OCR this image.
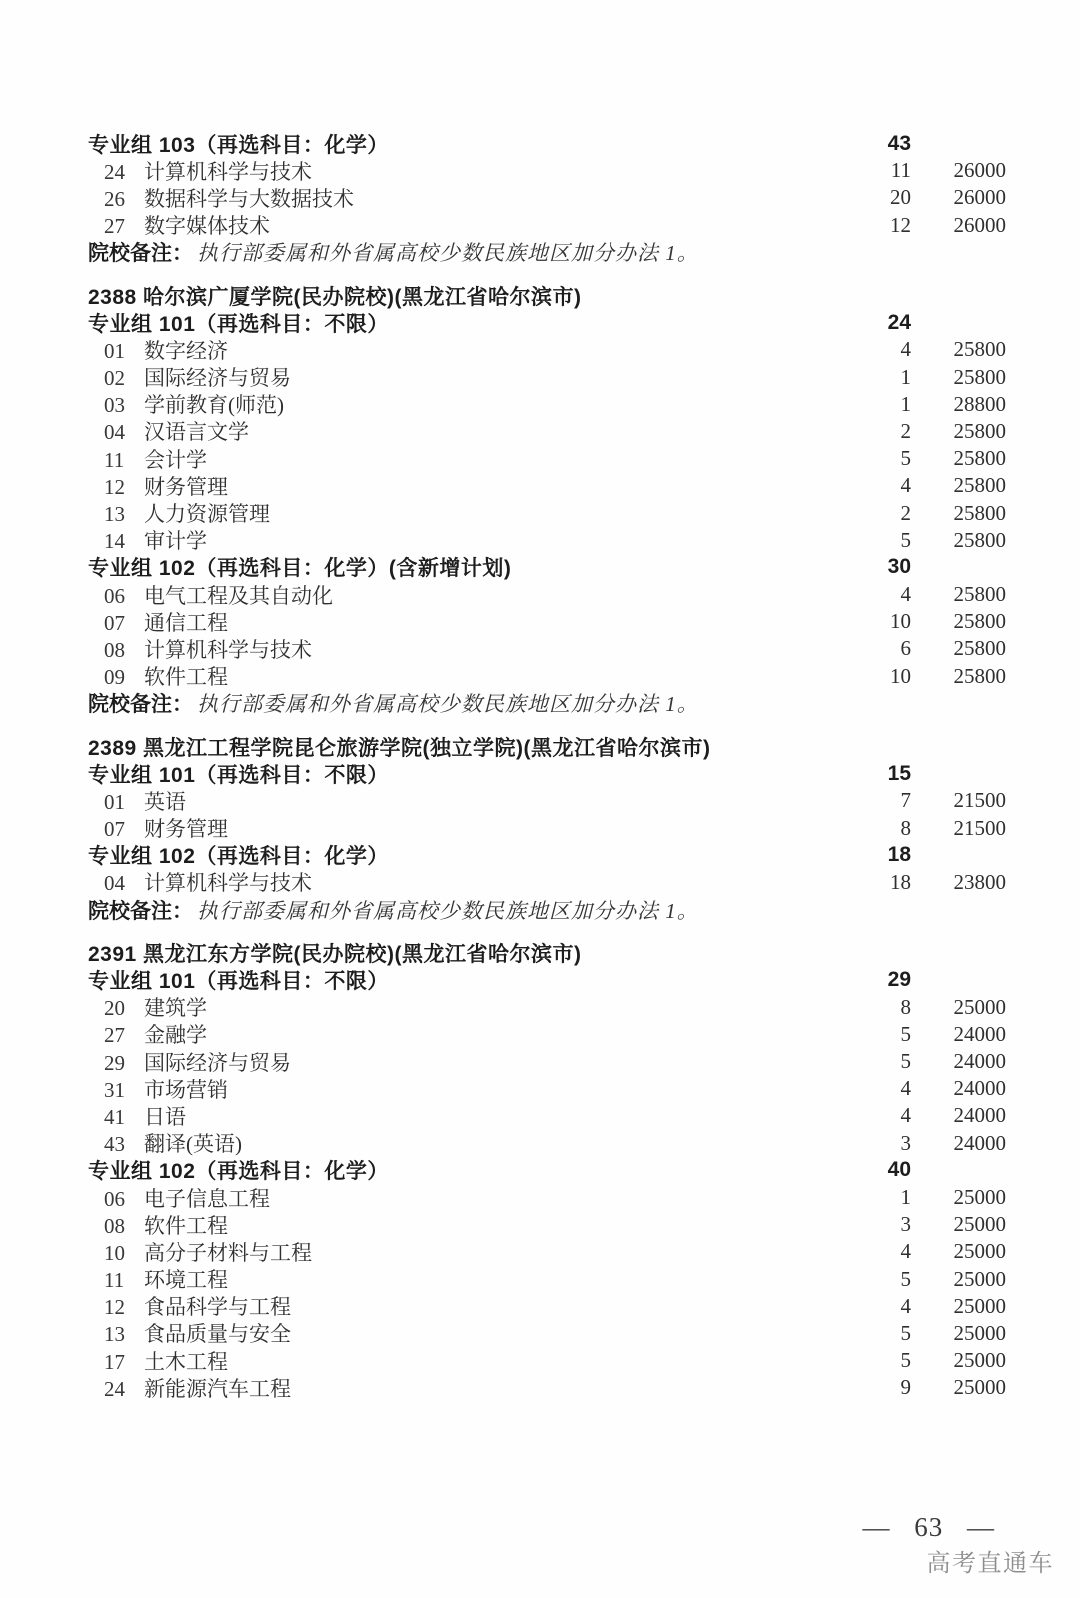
专业组 103（再选科目：化学）	43
24 计算机科学与技术	11	26000
26 数据科学与大数据技术	20	26000
27 数字媒体技术	12	26000
院校备注： 执行部委属和外省属高校少数民族地区加分办法 1。
2388 哈尔滨广厦学院(民办院校)(黑龙江省哈尔滨市)
专业组 101（再选科目：不限）	24
01 数字经济	4	25800
02 国际经济与贸易	1	25800
03 学前教育(师范)	1	28800
04 汉语言文学	2	25800
11 会计学	5	25800
12 财务管理	4	25800
13 人力资源管理	2	25800
14 审计学	5	25800
专业组 102（再选科目：化学）(含新增计划)	30
06 电气工程及其自动化	4	25800
07 通信工程	10	25800
08 计算机科学与技术	6	25800
09 软件工程	10	25800
院校备注： 执行部委属和外省属高校少数民族地区加分办法 1。
2389 黑龙江工程学院昆仑旅游学院(独立学院)(黑龙江省哈尔滨市)
专业组 101（再选科目：不限）	15
01 英语	7	21500
07 财务管理	8	21500
专业组 102（再选科目：化学）	18
04 计算机科学与技术	18	23800
院校备注： 执行部委属和外省属高校少数民族地区加分办法 1。
2391 黑龙江东方学院(民办院校)(黑龙江省哈尔滨市)
专业组 101（再选科目：不限）	29
20 建筑学	8	25000
27 金融学	5	24000
29 国际经济与贸易	5	24000
31 市场营销	4	24000
41 日语	4	24000
43 翻译(英语)	3	24000
专业组 102（再选科目：化学）	40
06 电子信息工程	1	25000
08 软件工程	3	25000
10 高分子材料与工程	4	25000
11 环境工程	5	25000
12 食品科学与工程	4	25000
13 食品质量与安全	5	25000
17 土木工程	5	25000
24 新能源汽车工程	9	25000
— 63 —
高考直通车
